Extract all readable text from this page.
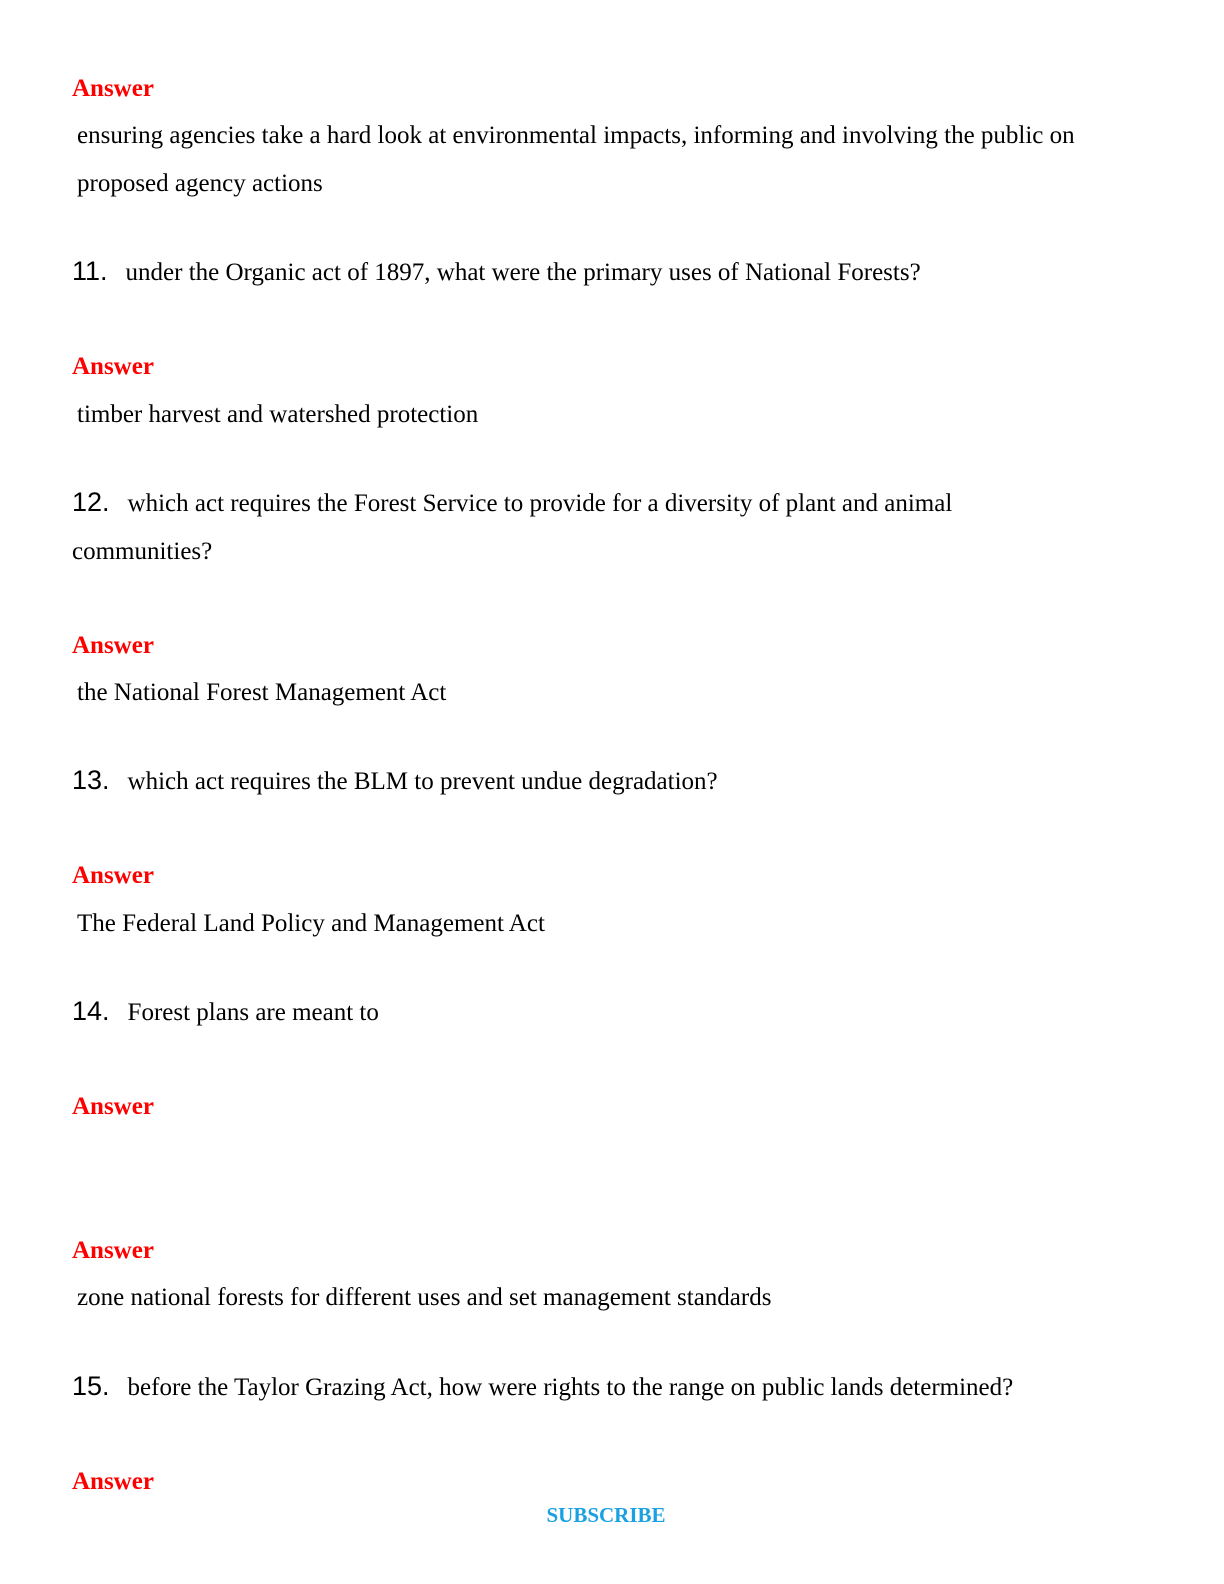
Answer
ensuring agencies take a hard look at environmental impacts, informing and involving the public on proposed agency actions
11. under the Organic act of 1897, what were the primary uses of National Forests?
Answer
timber harvest and watershed protection
12. which act requires the Forest Service to provide for a diversity of plant and animal communities?
Answer
the National Forest Management Act
13. which act requires the BLM to prevent undue degradation?
Answer
The Federal Land Policy and Management Act
14. Forest plans are meant to
Answer
Answer
zone national forests for different uses and set management standards
15. before the Taylor Grazing Act, how were rights to the range on public lands determined?
Answer
SUBSCRIBE
